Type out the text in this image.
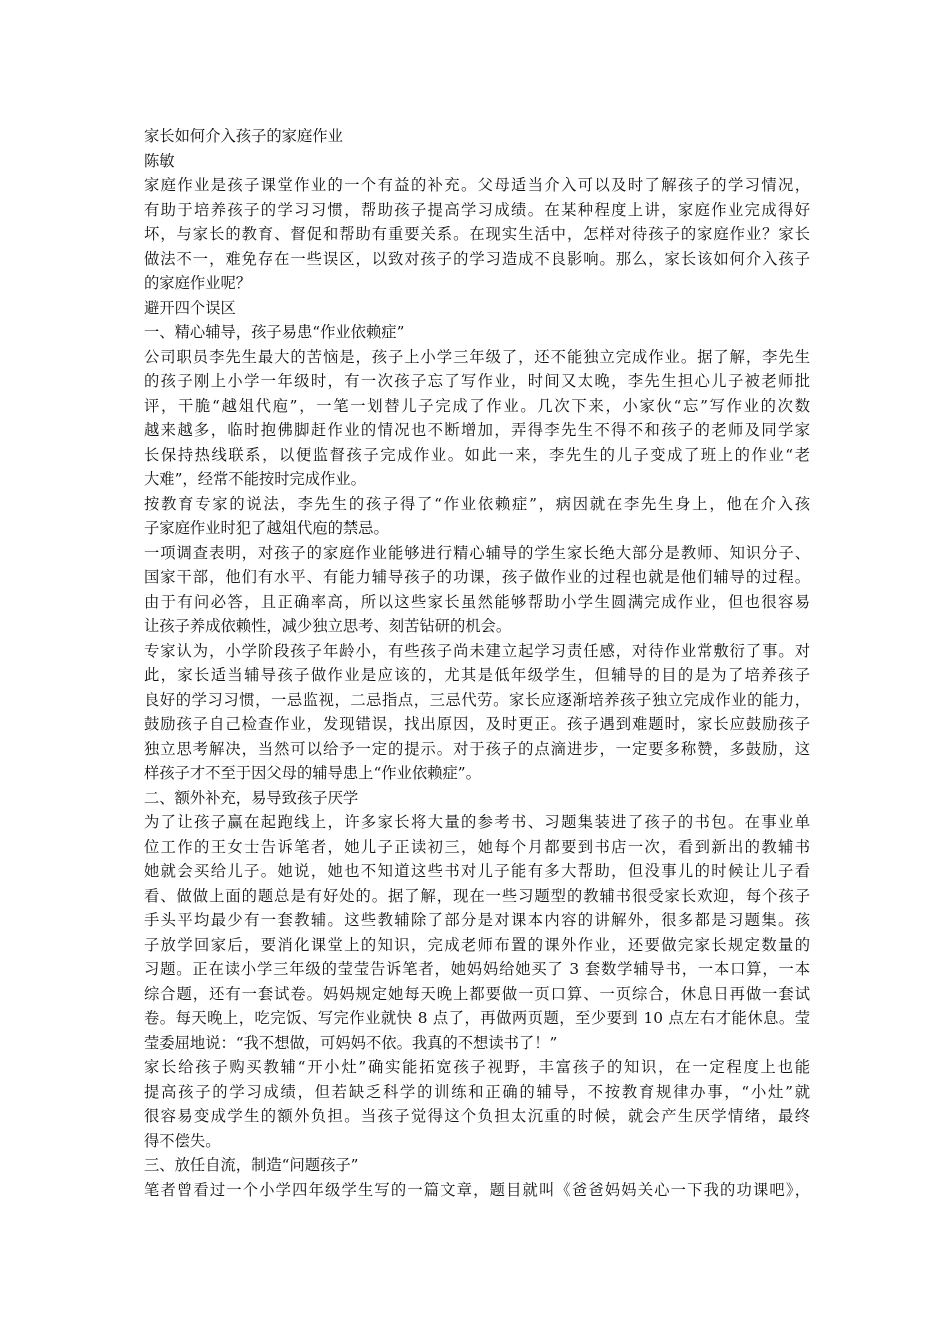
家长如何介入孩子的家庭作业
陈敏
家庭作业是孩子课堂作业的一个有益的补充。父母适当介入可以及时了解孩子的学习情况，
有助于培养孩子的学习习惯，帮助孩子提高学习成绩。在某种程度上讲，家庭作业完成得好
坏，与家长的教育、督促和帮助有重要关系。在现实生活中，怎样对待孩子的家庭作业？家长
做法不一，难免存在一些误区，以致对孩子的学习造成不良影响。那么，家长该如何介入孩子
的家庭作业呢？
避开四个误区
一、精心辅导，孩子易患“作业依赖症”
公司职员李先生最大的苦恼是，孩子上小学三年级了，还不能独立完成作业。据了解，李先生
的孩子刚上小学一年级时，有一次孩子忘了写作业，时间又太晚，李先生担心儿子被老师批
评，干脆“越俎代庖”，一笔一划替儿子完成了作业。几次下来，小家伙“忘”写作业的次数
越来越多，临时抱佛脚赶作业的情况也不断增加，弄得李先生不得不和孩子的老师及同学家
长保持热线联系，以便监督孩子完成作业。如此一来，李先生的儿子变成了班上的作业“老
大难”，经常不能按时完成作业。
按教育专家的说法，李先生的孩子得了“作业依赖症”，病因就在李先生身上，他在介入孩
子家庭作业时犯了越俎代庖的禁忌。
一项调查表明，对孩子的家庭作业能够进行精心辅导的学生家长绝大部分是教师、知识分子、
国家干部，他们有水平、有能力辅导孩子的功课，孩子做作业的过程也就是他们辅导的过程。
由于有问必答，且正确率高，所以这些家长虽然能够帮助小学生圆满完成作业，但也很容易
让孩子养成依赖性，减少独立思考、刻苦钻研的机会。
专家认为，小学阶段孩子年龄小，有些孩子尚未建立起学习责任感，对待作业常敷衍了事。对
此，家长适当辅导孩子做作业是应该的，尤其是低年级学生，但辅导的目的是为了培养孩子
良好的学习习惯，一忌监视，二忌指点，三忌代劳。家长应逐渐培养孩子独立完成作业的能力，
鼓励孩子自己检查作业，发现错误，找出原因，及时更正。孩子遇到难题时，家长应鼓励孩子
独立思考解决，当然可以给予一定的提示。对于孩子的点滴进步，一定要多称赞，多鼓励，这
样孩子才不至于因父母的辅导患上“作业依赖症”。
二、额外补充，易导致孩子厌学
为了让孩子赢在起跑线上，许多家长将大量的参考书、习题集装进了孩子的书包。在事业单
位工作的王女士告诉笔者，她儿子正读初三，她每个月都要到书店一次，看到新出的教辅书
她就会买给儿子。她说，她也不知道这些书对儿子能有多大帮助，但没事儿的时候让儿子看
看、做做上面的题总是有好处的。据了解，现在一些习题型的教辅书很受家长欢迎，每个孩子
手头平均最少有一套教辅。这些教辅除了部分是对课本内容的讲解外，很多都是习题集。孩
子放学回家后，要消化课堂上的知识，完成老师布置的课外作业，还要做完家长规定数量的
习题。正在读小学三年级的莹莹告诉笔者，她妈妈给她买了 3 套数学辅导书，一本口算，一本
综合题，还有一套试卷。妈妈规定她每天晚上都要做一页口算、一页综合，休息日再做一套试
卷。每天晚上，吃完饭、写完作业就快 8 点了，再做两页题，至少要到 10 点左右才能休息。莹
莹委屈地说：“我不想做，可妈妈不依。我真的不想读书了！”
家长给孩子购买教辅“开小灶”确实能拓宽孩子视野，丰富孩子的知识，在一定程度上也能
提高孩子的学习成绩，但若缺乏科学的训练和正确的辅导，不按教育规律办事，“小灶”就
很容易变成学生的额外负担。当孩子觉得这个负担太沉重的时候，就会产生厌学情绪，最终
得不偿失。
三、放任自流，制造“问题孩子”
笔者曾看过一个小学四年级学生写的一篇文章，题目就叫《爸爸妈妈关心一下我的功课吧》，
